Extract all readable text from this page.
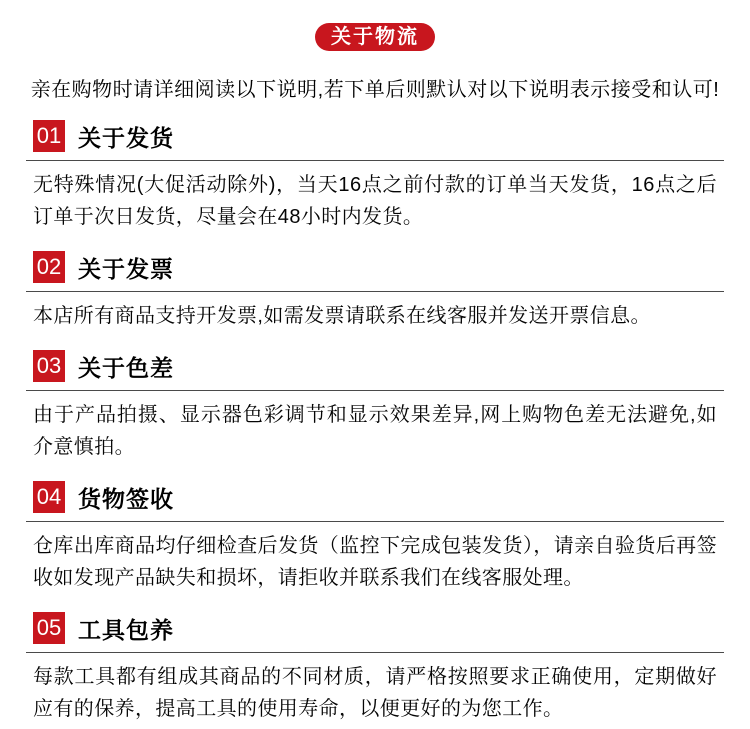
关于物流

亲在购物时请详细阅读以下说明,若下单后则默认对以下说明表示接受和认可!

01 关于发货

无特殊情况(大促活动除外)，当天16点之前付款的订单当天发货，16点之后订单于次日发货，尽量会在48小时内发货。

02 关于发票

本店所有商品支持开发票,如需发票请联系在线客服并发送开票信息。

03 关于色差

由于产品拍摄、显示器色彩调节和显示效果差异,网上购物色差无法避免,如介意慎拍。

04 货物签收

仓库出库商品均仔细检查后发货（监控下完成包装发货），请亲自验货后再签收如发现产品缺失和损坏，请拒收并联系我们在线客服处理。

05 工具包养

每款工具都有组成其商品的不同材质，请严格按照要求正确使用，定期做好应有的保养，提高工具的使用寿命，以便更好的为您工作。
